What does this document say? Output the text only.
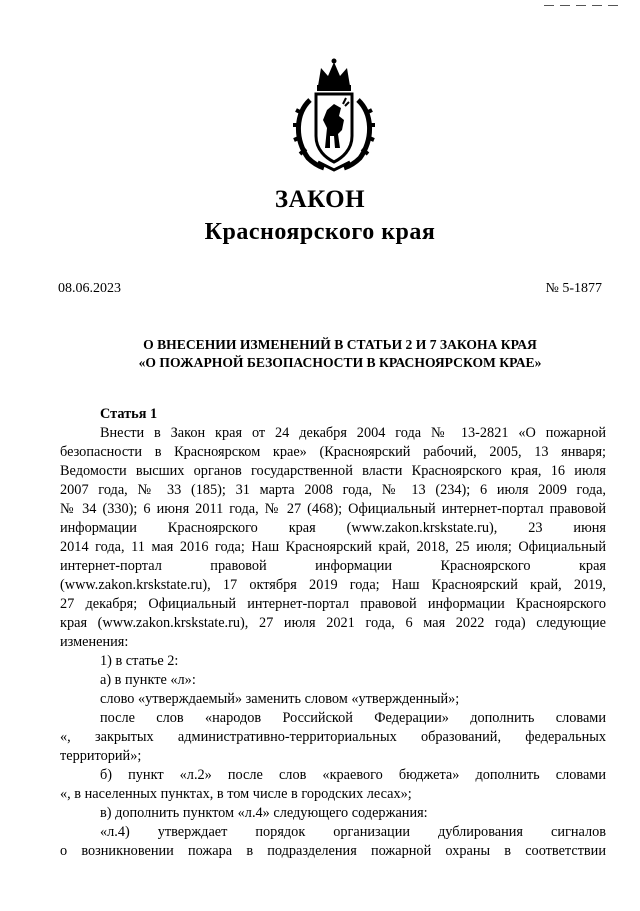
ЗАКОН
Красноярского края
08.06.2023	№ 5-1877
О ВНЕСЕНИИ ИЗМЕНЕНИЙ В СТАТЬИ 2 И 7 ЗАКОНА КРАЯ
«О ПОЖАРНОЙ БЕЗОПАСНОСТИ В КРАСНОЯРСКОМ КРАЕ»

Статья 1

Внести в Закон края от 24 декабря 2004 года № 13-2821 «О пожарной

безопасности в Красноярском крае» (Красноярский рабочий, 2005, 13 января;

Ведомости высших органов государственной власти Красноярского края, 16 июля

2007 года, № 33 (185); 31 марта 2008 года, № 13 (234); 6 июля 2009 года,

№ 34 (330); 6 июня 2011 года, № 27 (468); Официальный интернет-портал правовой

информации Красноярского края (www.zakon.krskstate.ru), 23 июня

2014 года, 11 мая 2016 года; Наш Красноярский край, 2018, 25 июля; Официальный

интернет-портал правовой информации Красноярского края

(www.zakon.krskstate.ru), 17 октября 2019 года; Наш Красноярский край, 2019,

27 декабря; Официальный интернет-портал правовой информации Красноярского

края (www.zakon.krskstate.ru), 27 июля 2021 года, 6 мая 2022 года) следующие

изменения:

1) в статье 2:

а) в пункте «л»:

слово «утверждаемый» заменить словом «утвержденный»;

после слов «народов Российской Федерации» дополнить словами

«, закрытых административно-территориальных образований, федеральных

территорий»;

б) пункт «л.2» после слов «краевого бюджета» дополнить словами

«, в населенных пунктах, в том числе в городских лесах»;

в) дополнить пунктом «л.4» следующего содержания:

«л.4) утверждает порядок организации дублирования сигналов

о возникновении пожара в подразделения пожарной охраны в соответствии
